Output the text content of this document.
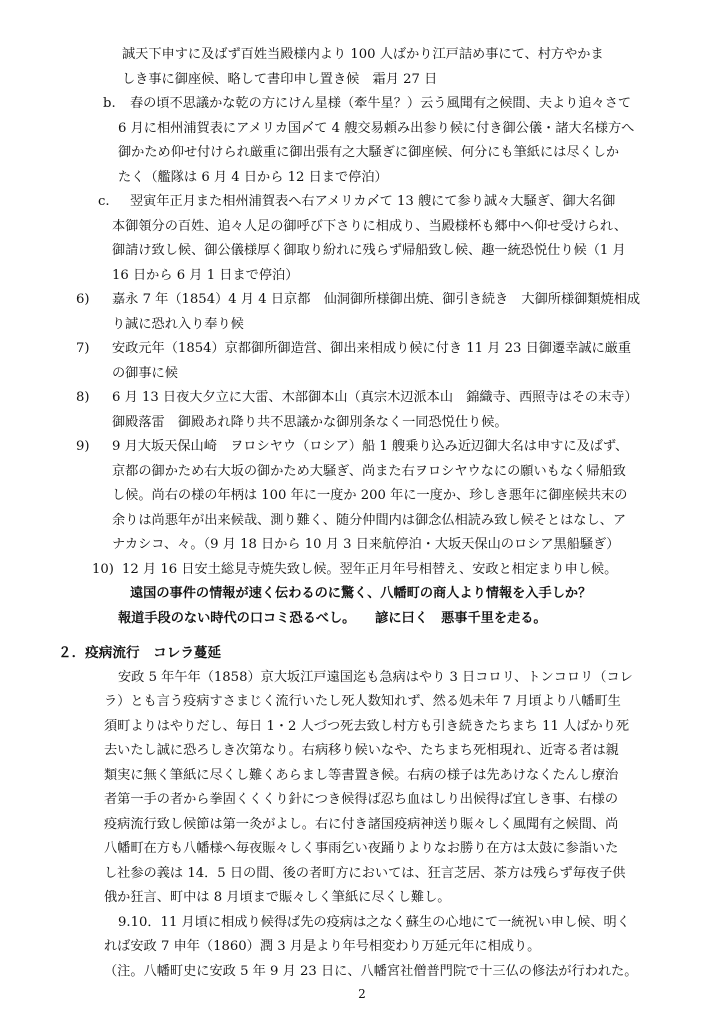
誠天下申すに及ばず百姓当殿様内より 100 人ばかり江戸詰め事にて、村方やかま
しき事に御座候、略して書印申し置き候　霜月 27 日
b. 春の頃不思議かな乾の方にけん星様（牽牛星？）云う風聞有之候間、夫より追々さて
6 月に相州浦賀表にアメリカ国〆て 4 艘交易頼み出参り候に付き御公儀・諸大名様方へ
御かため仰せ付けられ厳重に御出張有之大騒ぎに御座候、何分にも筆紙には尽くしか
たく（艦隊は 6 月 4 日から 12 日まで停泊）
c. 翌寅年正月また相州浦賀表へ右アメリカ〆て 13 艘にて参り誠々大騒ぎ、御大名御
本御領分の百姓、追々人足の御呼び下さりに相成り、当殿様杯も郷中へ仰せ受けられ、
御請け致し候、御公儀様厚く御取り紛れに残らず帰船致し候、趣一統恐悦仕り候（1 月
16 日から 6 月 1 日まで停泊）
6) 嘉永 7 年（1854）4 月 4 日京都　仙洞御所様御出焼、御引き続き　大御所様御類焼相成
り誠に恐れ入り奉り候
7) 安政元年（1854）京都御所御造営、御出来相成り候に付き 11 月 23 日御遷幸誠に厳重
の御事に候
8) 6 月 13 日夜大夕立に大雷、木部御本山（真宗木辺派本山　錦織寺、西照寺はその末寺）
御殿落雷　御殿あれ降り共不思議かな御別条なく一同恐悦仕り候。
9) 9 月大坂天保山崎　ヲロシヤウ（ロシア）船 1 艘乗り込み近辺御大名は申すに及ばず、
京都の御かため右大坂の御かため大騒ぎ、尚また右ヲロシヤウなにの願いもなく帰船致
し候。尚右の様の年柄は 100 年に一度か 200 年に一度か、珍しき悪年に御座候共末の
余りは尚悪年が出来候哉、測り難く、随分仲間内は御念仏相読み致し候そとはなし、ア
ナカシコ、々。（9 月 18 日から 10 月 3 日来航停泊・大坂天保山のロシア黒船騒ぎ）
10) 12 月 16 日安土総見寺焼失致し候。翌年正月年号相替え、安政と相定まり申し候。
遠国の事件の情報が速く伝わるのに驚く、八幡町の商人より情報を入手しか？
報道手段のない時代の口コミ恐るべし。　　諺に曰く　悪事千里を走る。
２．疫病流行　コレラ蔓延
安政 5 年午年（1858）京大坂江戸遠国迄も急病はやり 3 日コロリ、トンコロリ（コレ
ラ）とも言う疫病すさまじく流行いたし死人数知れず、然る処未年 7 月頃より八幡町生
須町よりはやりだし、毎日 1・2 人づつ死去致し村方も引き続きたちまち 11 人ばかり死
去いたし誠に恐ろしき次第なり。右病移り候いなや、たちまち死相現れ、近寄る者は親
類実に無く筆紙に尽くし難くあらまし等書置き候。右病の様子は先あけなくたんし療治
者第一手の者から拳固くくくり針につき候得ば忍ち血はしり出候得ば宜しき事、右様の
疫病流行致し候節は第一灸がよし。右に付き諸国疫病神送り賑々しく風聞有之候間、尚
八幡町在方も八幡様へ毎夜賑々しく事雨乞い夜踊りよりなお勝り在方は太鼓に参詣いた
し社参の義は 14．5 日の間、後の者町方においては、狂言芝居、茶方は残らず毎夜子供
俄か狂言、町中は 8 月頃まで賑々しく筆紙に尽くし難し。
9.10．11 月頃に相成り候得ば先の疫病は之なく蘇生の心地にて一統祝い申し候、明く
れば安政 7 申年（1860）潤 3 月是より年号相変わり万延元年に相成り。
（注。八幡町史に安政 5 年 9 月 23 日に、八幡宮社僧普門院で十三仏の修法が行われた。
2
